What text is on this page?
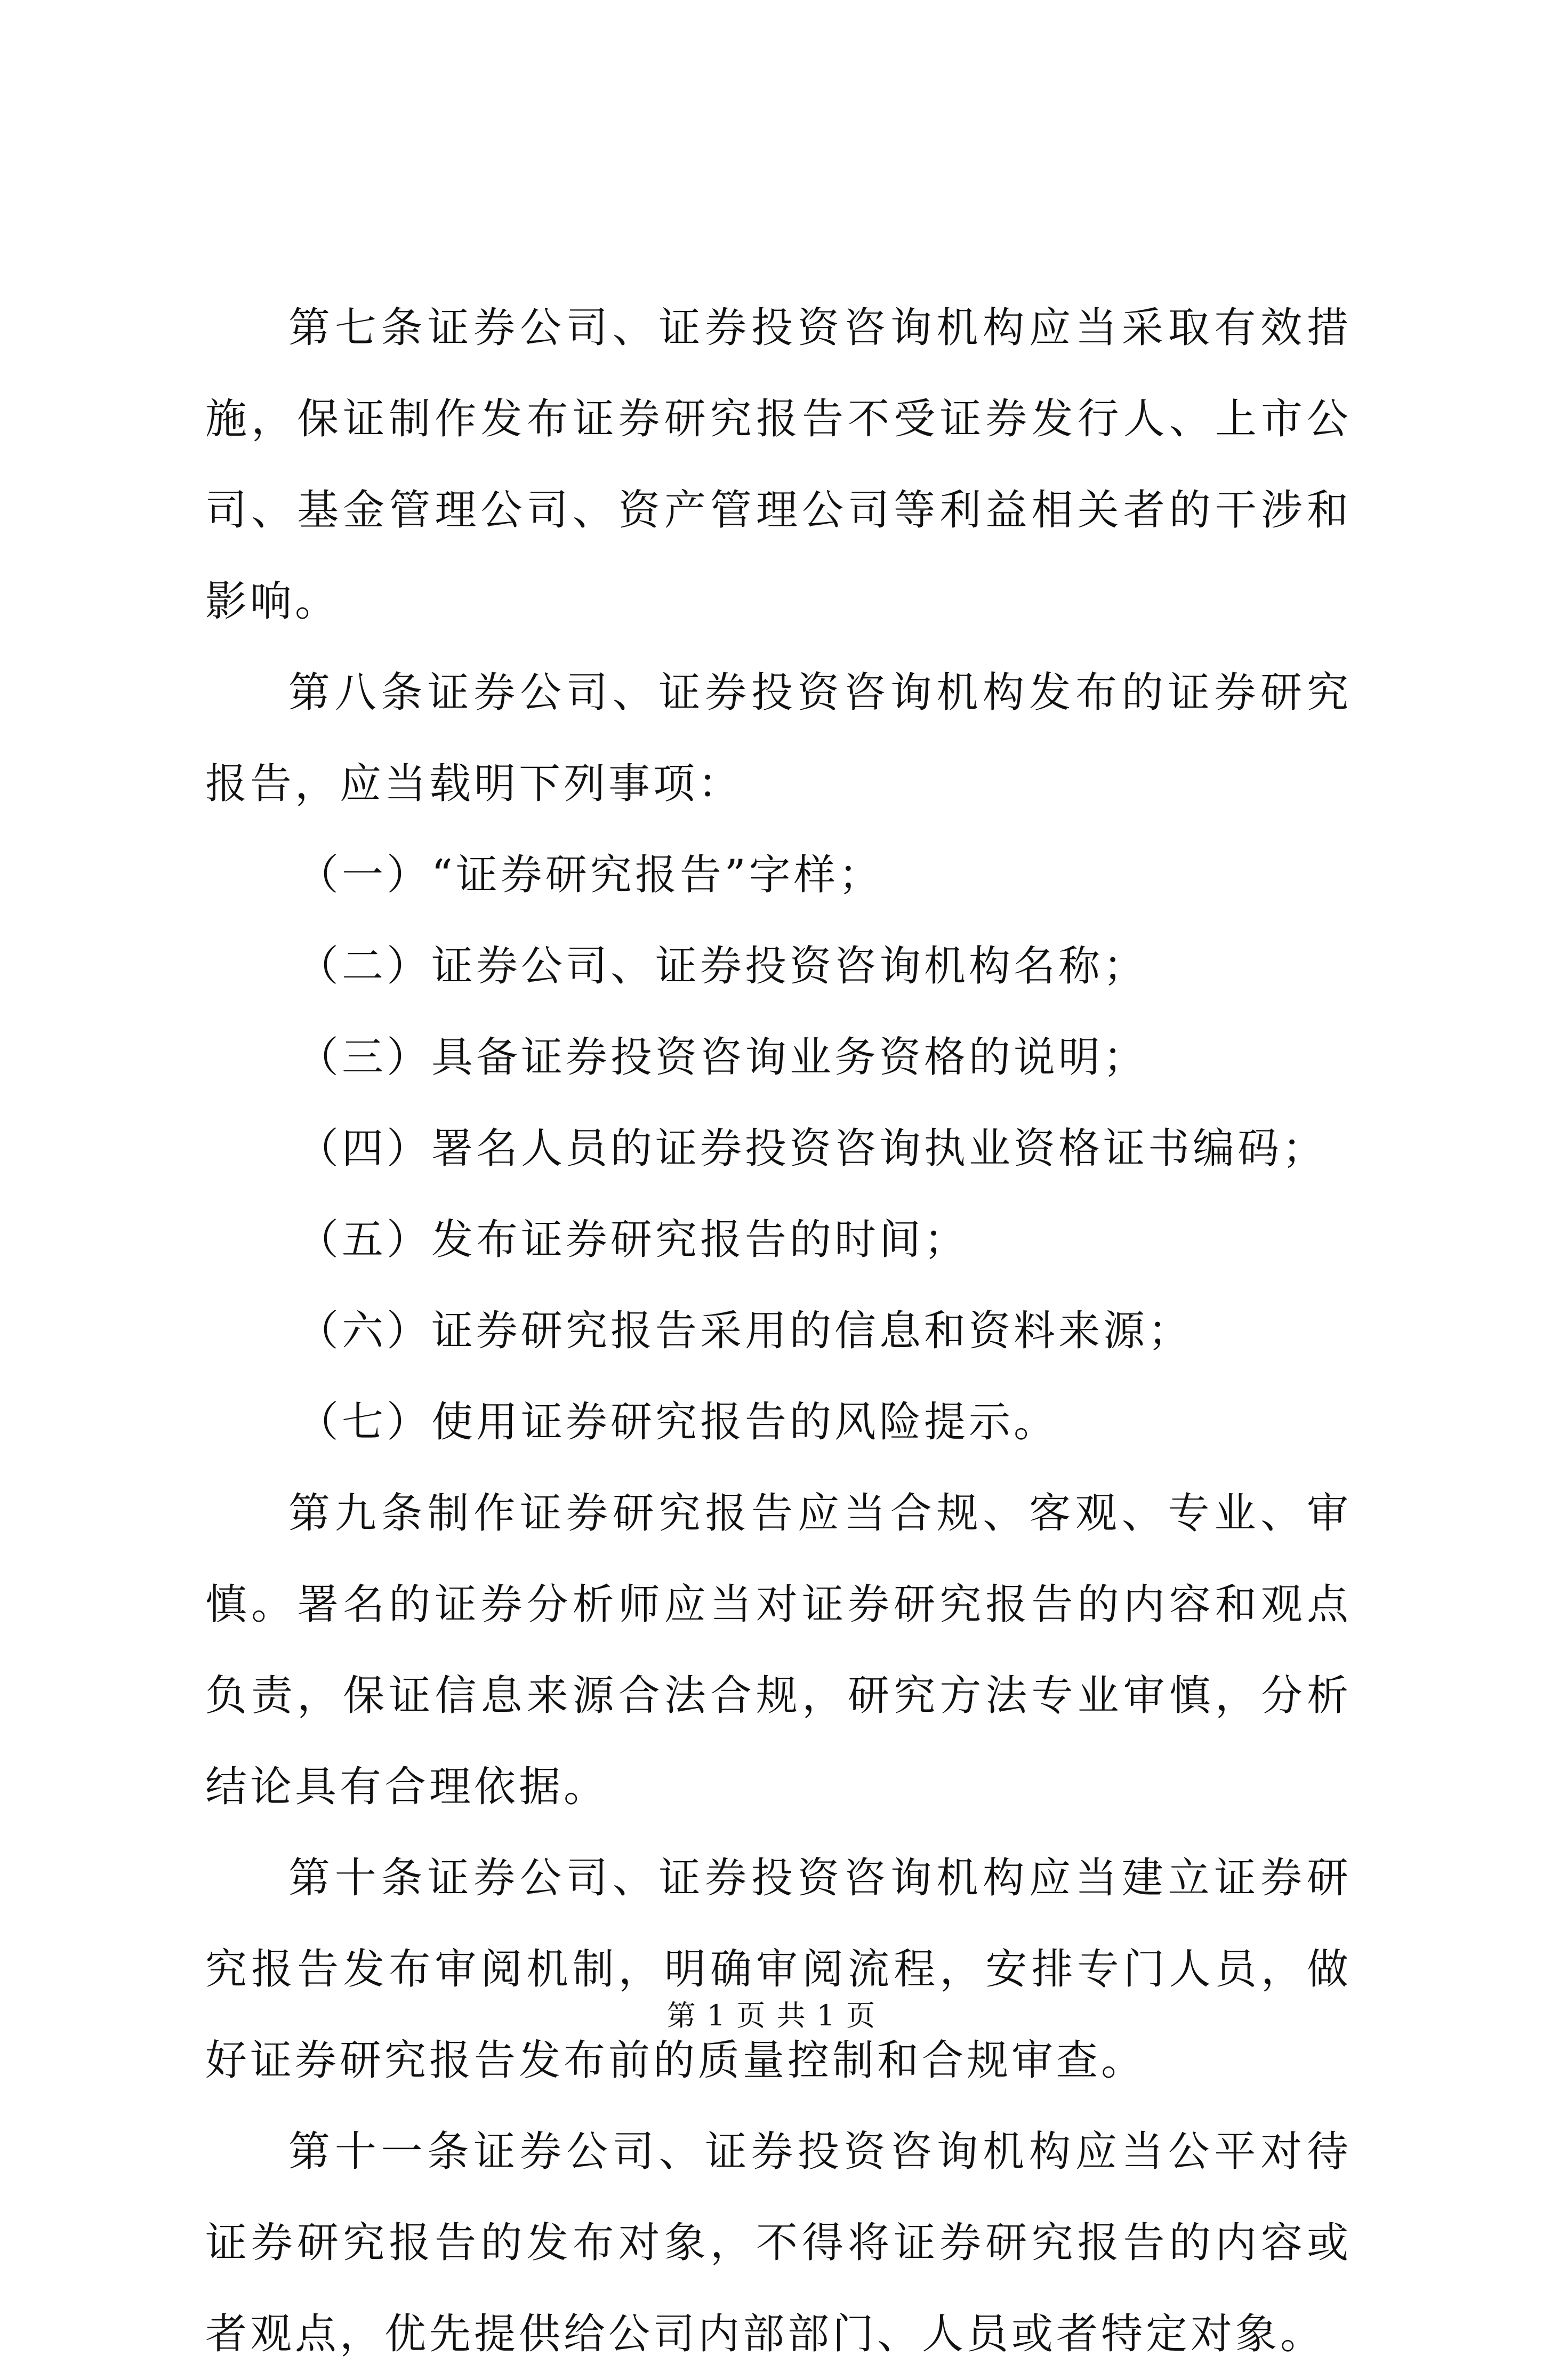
第七条证券公司、证券投资咨询机构应当采取有效措施，保证制作发布证券研究报告不受证券发行人、上市公司、基金管理公司、资产管理公司等利益相关者的干涉和影响。

第八条证券公司、证券投资咨询机构发布的证券研究报告，应当载明下列事项：

（一）“证券研究报告”字样；

（二）证券公司、证券投资咨询机构名称；

（三）具备证券投资咨询业务资格的说明；

（四）署名人员的证券投资咨询执业资格证书编码；

（五）发布证券研究报告的时间；

（六）证券研究报告采用的信息和资料来源；

（七）使用证券研究报告的风险提示。

第九条制作证券研究报告应当合规、客观、专业、审慎。署名的证券分析师应当对证券研究报告的内容和观点负责，保证信息来源合法合规，研究方法专业审慎，分析结论具有合理依据。

第十条证券公司、证券投资咨询机构应当建立证券研究报告发布审阅机制，明确审阅流程，安排专门人员，做好证券研究报告发布前的质量控制和合规审查。

第十一条证券公司、证券投资咨询机构应当公平对待证券研究报告的发布对象，不得将证券研究报告的内容或者观点，优先提供给公司内部部门、人员或者特定对象。

第 1 页 共 1 页
